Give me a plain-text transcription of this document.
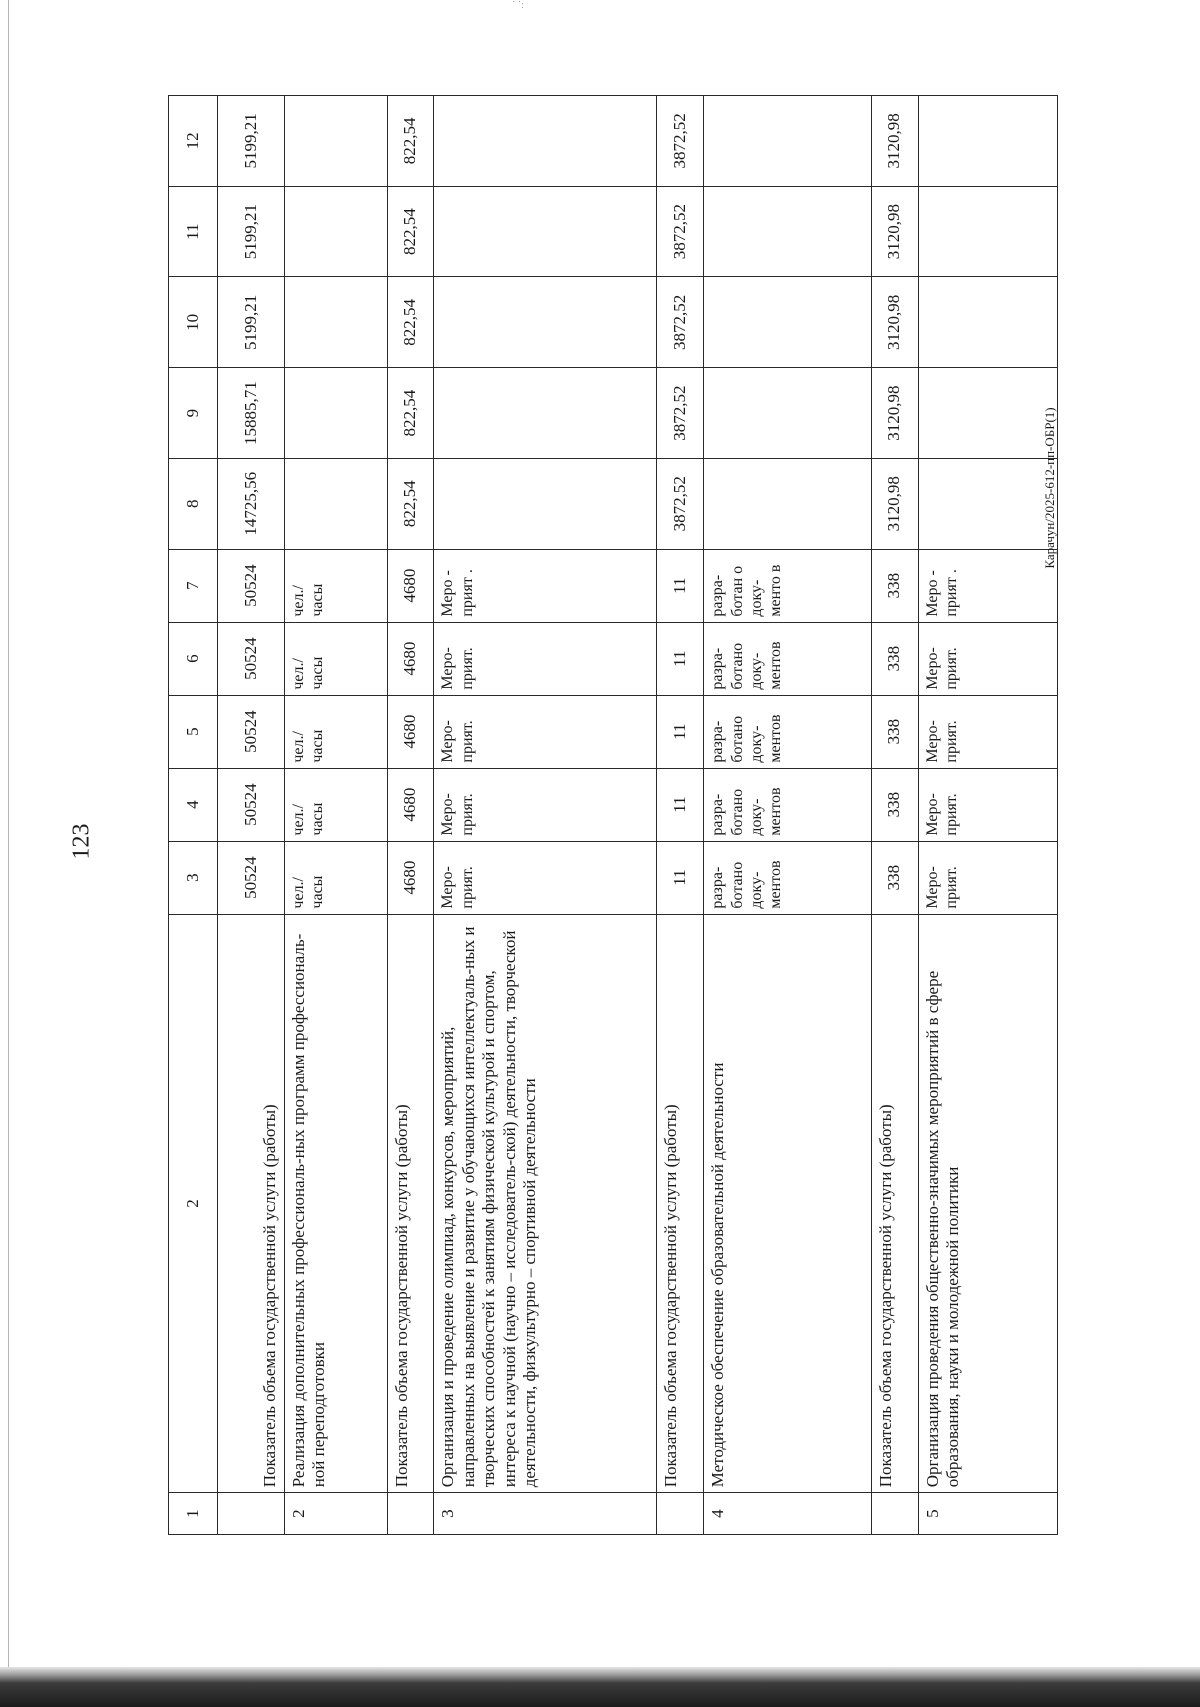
˙ ˙:
123
1	2	3	4	5	6	7	8	9	10	11	12
	Показатель объема государственной услуги (работы)	50524	50524	50524	50524	50524	14725,56	15885,71	5199,21	5199,21	5199,21
2	Реализация дополнительных профессиональ-ных программ профессиональ-ной переподготовки	чел./ часы	чел./ часы	чел./ часы	чел./ часы	чел./ часы					
	Показатель объема государственной услуги (работы)	4680	4680	4680	4680	4680	822,54	822,54	822,54	822,54	822,54
3	Организация и проведение олимпиад, конкурсов, мероприятий, направленных на выявление и развитие у обучающихся интеллектуаль-ных и творческих способностей к занятиям физической культурой и спортом, интереса к научной (научно – исследователь-ской) деятельности, творческой деятельности, физкультурно – спортивной деятельности	Меро-прият.	Меро-прият.	Меро-прият.	Меро-прият.	Меро - прият .					
	Показатель объема государственной услуги (работы)	11	11	11	11	11	3872,52	3872,52	3872,52	3872,52	3872,52
4	Методическое обеспечение образовательной деятельности	разра-ботано доку-ментов	разра-ботано доку-ментов	разра-ботано доку-ментов	разра-ботано доку-ментов	разра-ботан о доку-менто в					
	Показатель объема государственной услуги (работы)	338	338	338	338	338	3120,98	3120,98	3120,98	3120,98	3120,98
5	Организация проведения общественно-значимых мероприятий в сфере образования, науки и молодежной политики	Меро-прият.	Меро-прият.	Меро-прият.	Меро-прият.	Меро - прият .					
Карачун/2025-612-пп-ОБР(1)
